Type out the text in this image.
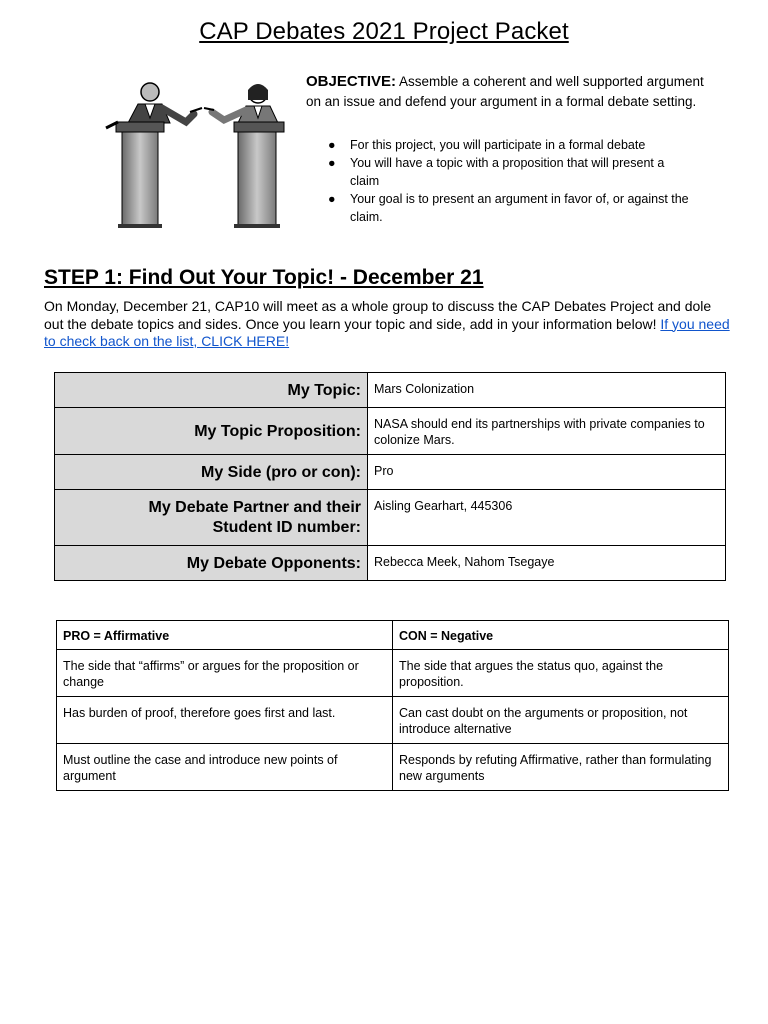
CAP Debates 2021 Project Packet
OBJECTIVE: Assemble a coherent and well supported argument on an issue and defend your argument in a formal debate setting.
● For this project, you will participate in a formal debate
● You will have a topic with a proposition that will present a claim
● Your goal is to present an argument in favor of, or against the claim.
STEP 1: Find Out Your Topic! - December 21
On Monday, December 21, CAP10 will meet as a whole group to discuss the CAP Debates Project and dole out the debate topics and sides. Once you learn your topic and side, add in your information below! If you need to check back on the list, CLICK HERE!
My Topic:	Mars Colonization
My Topic Proposition:	NASA should end its partnerships with private companies to colonize Mars.
My Side (pro or con):	Pro
My Debate Partner and their Student ID number:	Aisling Gearhart, 445306
My Debate Opponents:	Rebecca Meek, Nahom Tsegaye
PRO = Affirmative	CON = Negative
The side that “affirms” or argues for the proposition or change	The side that argues the status quo, against the proposition.
Has burden of proof, therefore goes first and last.	Can cast doubt on the arguments or proposition, not introduce alternative
Must outline the case and introduce new points of argument	Responds by refuting Affirmative, rather than formulating new arguments
